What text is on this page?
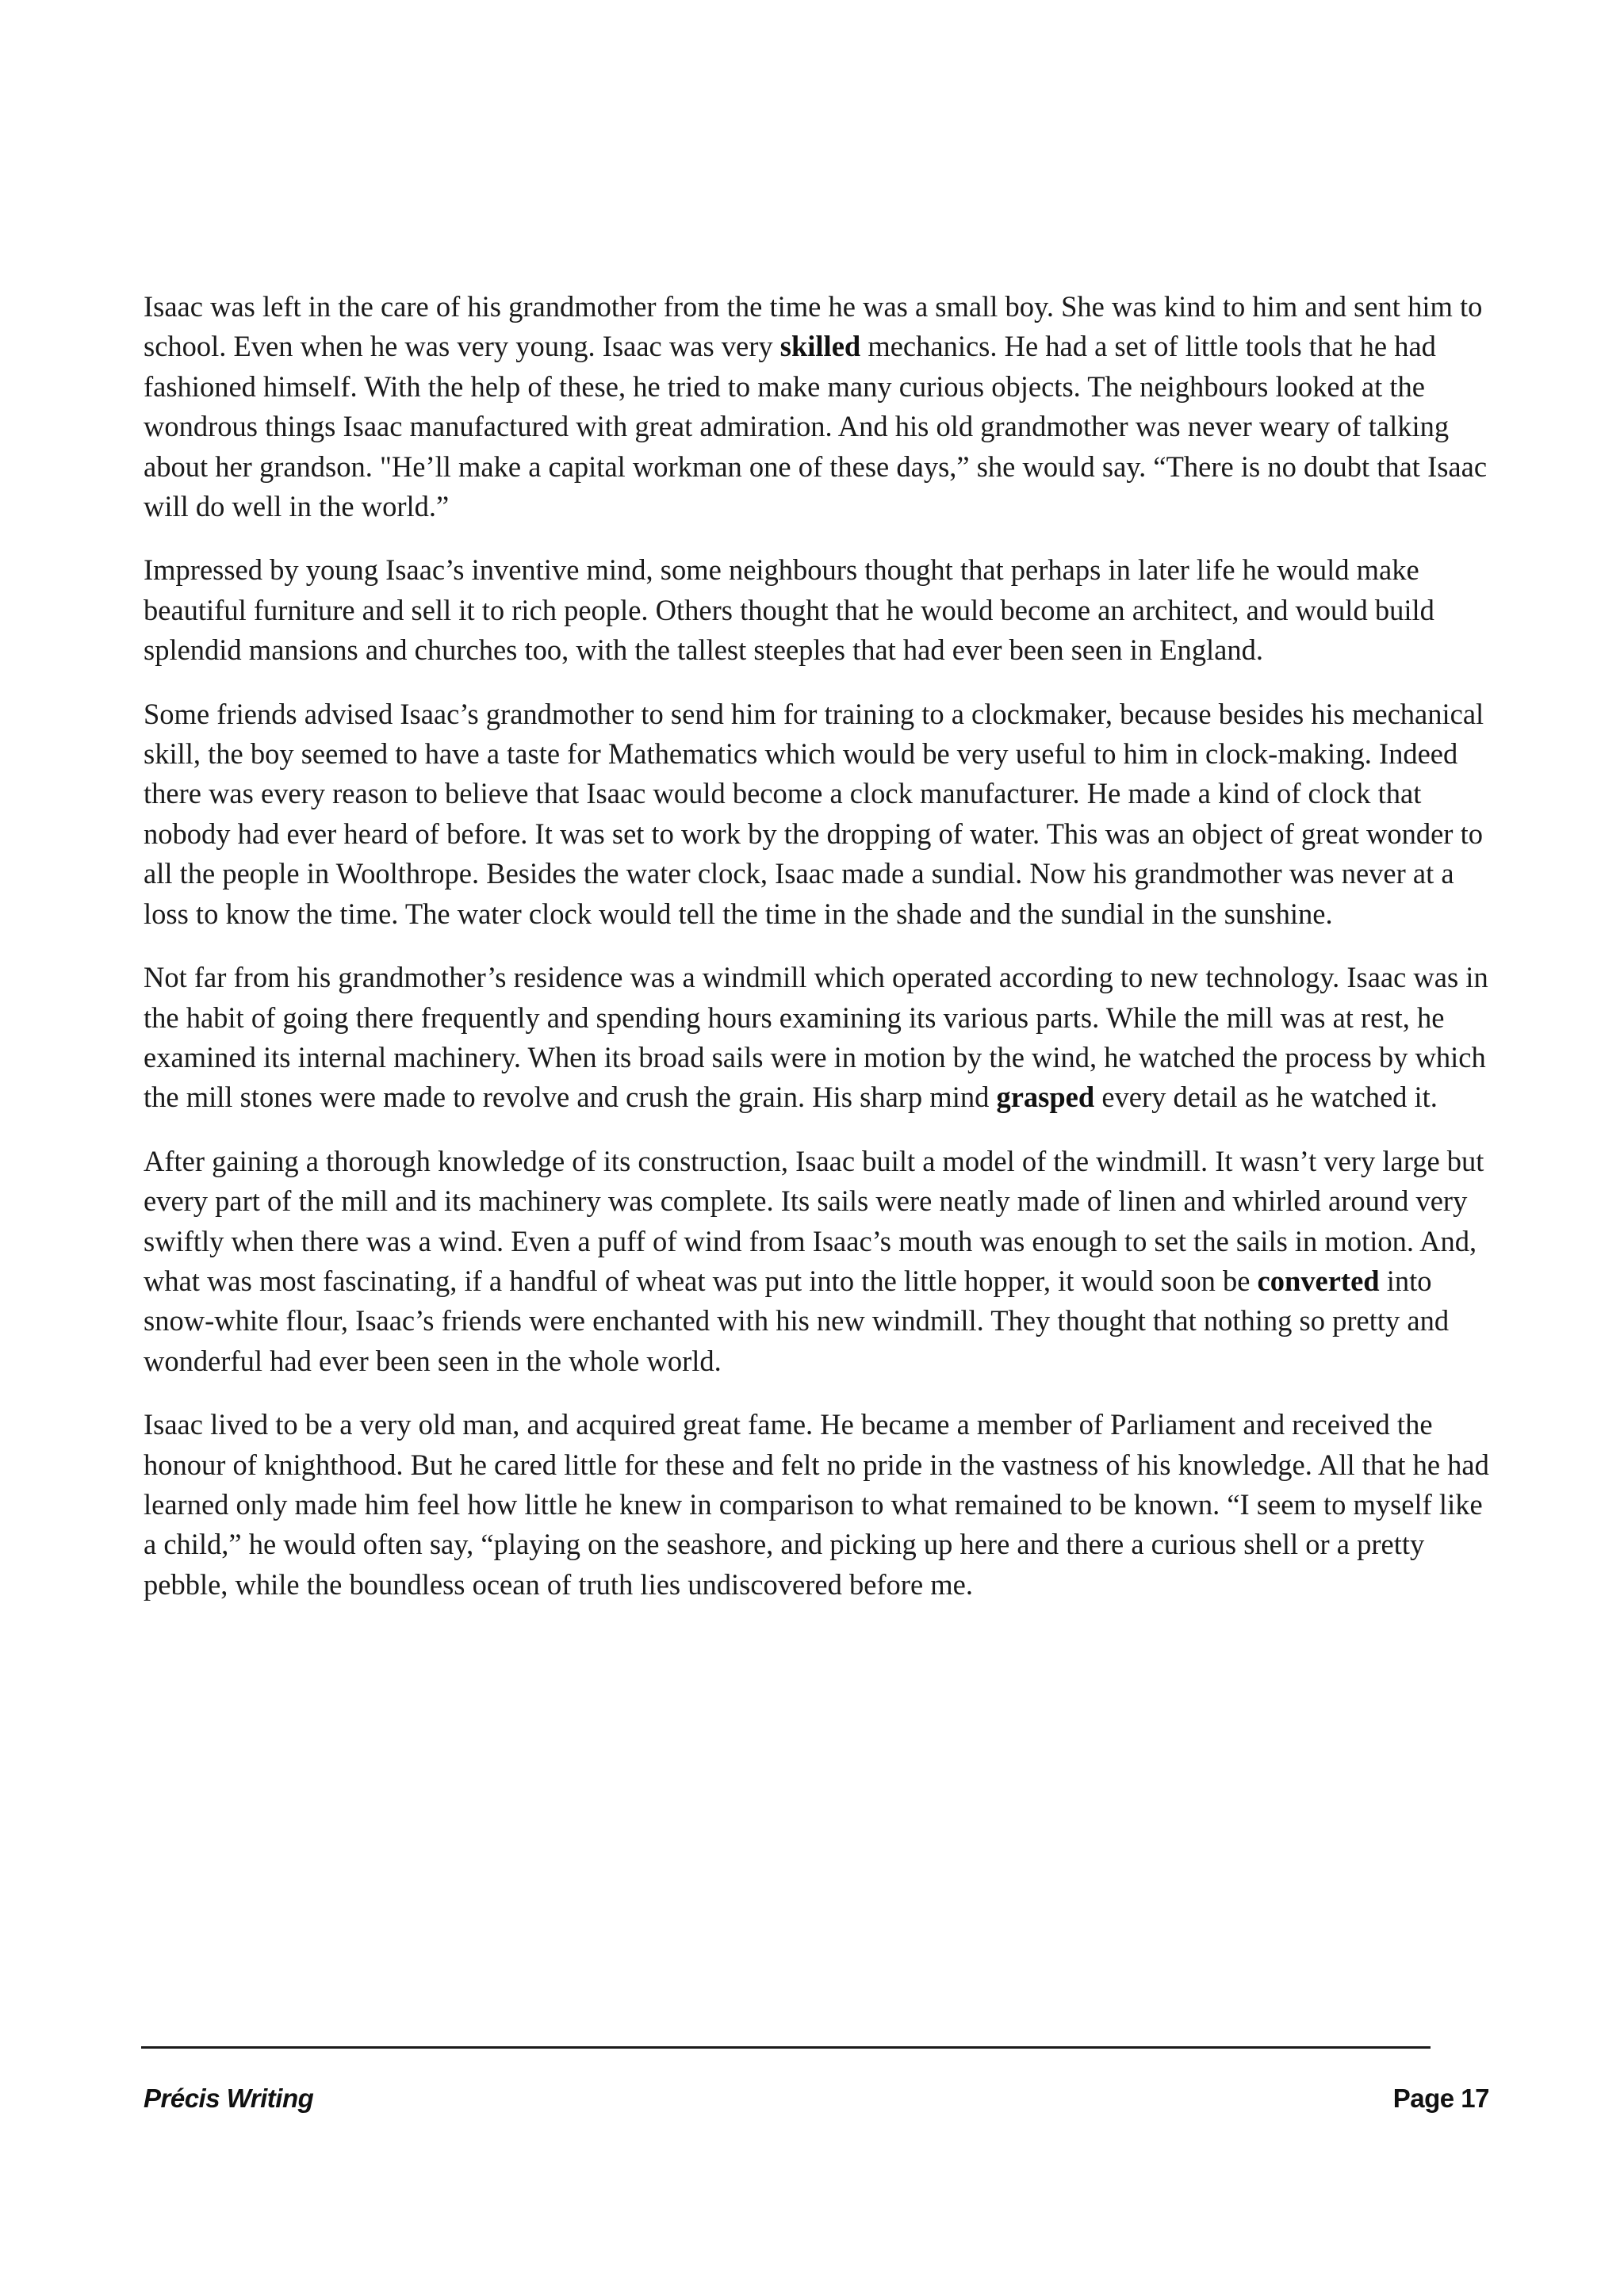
Isaac was left in the care of his grandmother from the time he was a small boy. She was kind to him and sent him to school. Even when he was very young. Isaac was very skilled mechanics. He had a set of little tools that he had fashioned himself. With the help of these, he tried to make many curious objects. The neighbours looked at the wondrous things Isaac manufactured with great admiration. And his old grandmother was never weary of talking about her grandson. "He’ll make a capital workman one of these days,” she would say. “There is no doubt that Isaac will do well in the world.”

Impressed by young Isaac’s inventive mind, some neighbours thought that perhaps in later life he would make beautiful furniture and sell it to rich people. Others thought that he would become an architect, and would build splendid mansions and churches too, with the tallest steeples that had ever been seen in England.

Some friends advised Isaac’s grandmother to send him for training to a clockmaker, because besides his mechanical skill, the boy seemed to have a taste for Mathematics which would be very useful to him in clock-making. Indeed there was every reason to believe that Isaac would become a clock manufacturer. He made a kind of clock that nobody had ever heard of before. It was set to work by the dropping of water. This was an object of great wonder to all the people in Woolthrope. Besides the water clock, Isaac made a sundial. Now his grandmother was never at a loss to know the time. The water clock would tell the time in the shade and the sundial in the sunshine.

Not far from his grandmother’s residence was a windmill which operated according to new technology. Isaac was in the habit of going there frequently and spending hours examining its various parts. While the mill was at rest, he examined its internal machinery. When its broad sails were in motion by the wind, he watched the process by which the mill stones were made to revolve and crush the grain. His sharp mind grasped every detail as he watched it.

After gaining a thorough knowledge of its construction, Isaac built a model of the windmill. It wasn’t very large but every part of the mill and its machinery was complete. Its sails were neatly made of linen and whirled around very swiftly when there was a wind. Even a puff of wind from Isaac’s mouth was enough to set the sails in motion. And, what was most fascinating, if a handful of wheat was put into the little hopper, it would soon be converted into snow-white flour, Isaac’s friends were enchanted with his new windmill. They thought that nothing so pretty and wonderful had ever been seen in the whole world.

Isaac lived to be a very old man, and acquired great fame. He became a member of Parliament and received the honour of knighthood. But he cared little for these and felt no pride in the vastness of his knowledge. All that he had learned only made him feel how little he knew in comparison to what remained to be known. “I seem to myself like a child,” he would often say, “playing on the seashore, and picking up here and there a curious shell or a pretty pebble, while the boundless ocean of truth lies undiscovered before me.

Précis Writing	Page 17
